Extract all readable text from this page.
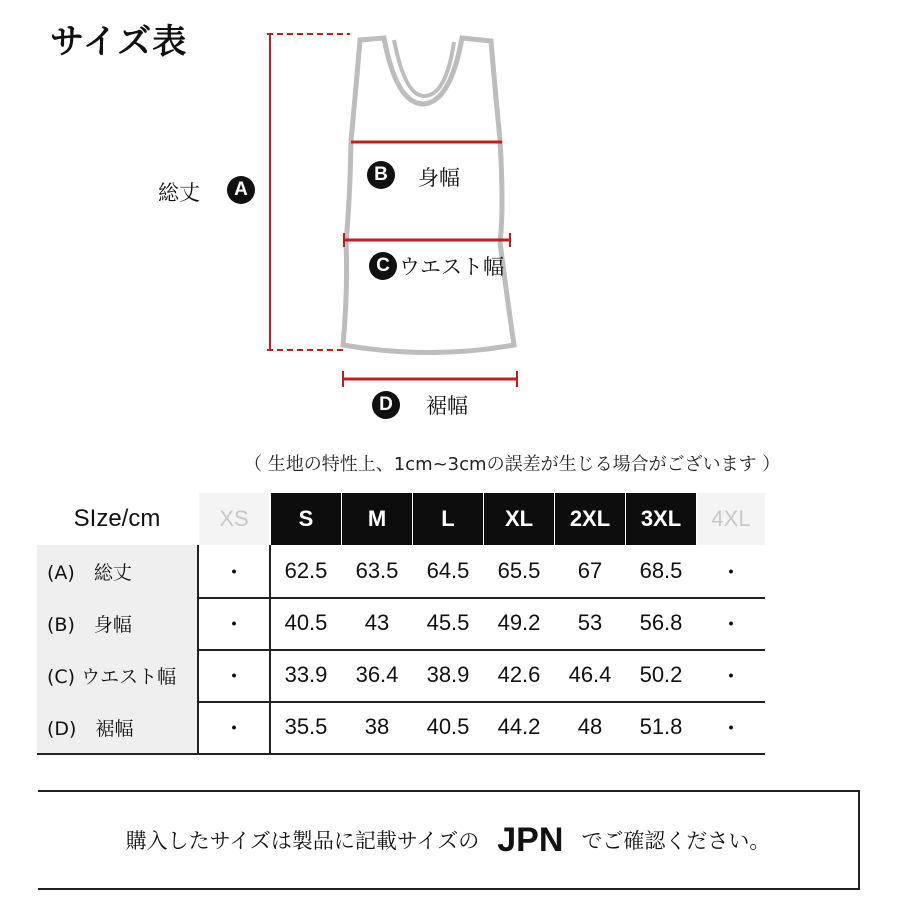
サイズ表
総丈	A
B	身幅
C ウエスト幅
D	裾幅
（ 生地の特性上、1cm~3cmの誤差が生じる場合がございます ）
SIze/cm	XS	S	M	L	XL	2XL	3XL	4XL
(A)　総丈	・	62.5	63.5	64.5	65.5	67	68.5	・
(B)　身幅	・	40.5	43	45.5	49.2	53	56.8	・
(C) ウエスト幅	・	33.9	36.4	38.9	42.6	46.4	50.2	・
(D)　裾幅	・	35.5	38	40.5	44.2	48	51.8	・
購入したサイズは製品に記載サイズの JPN でご確認ください。
